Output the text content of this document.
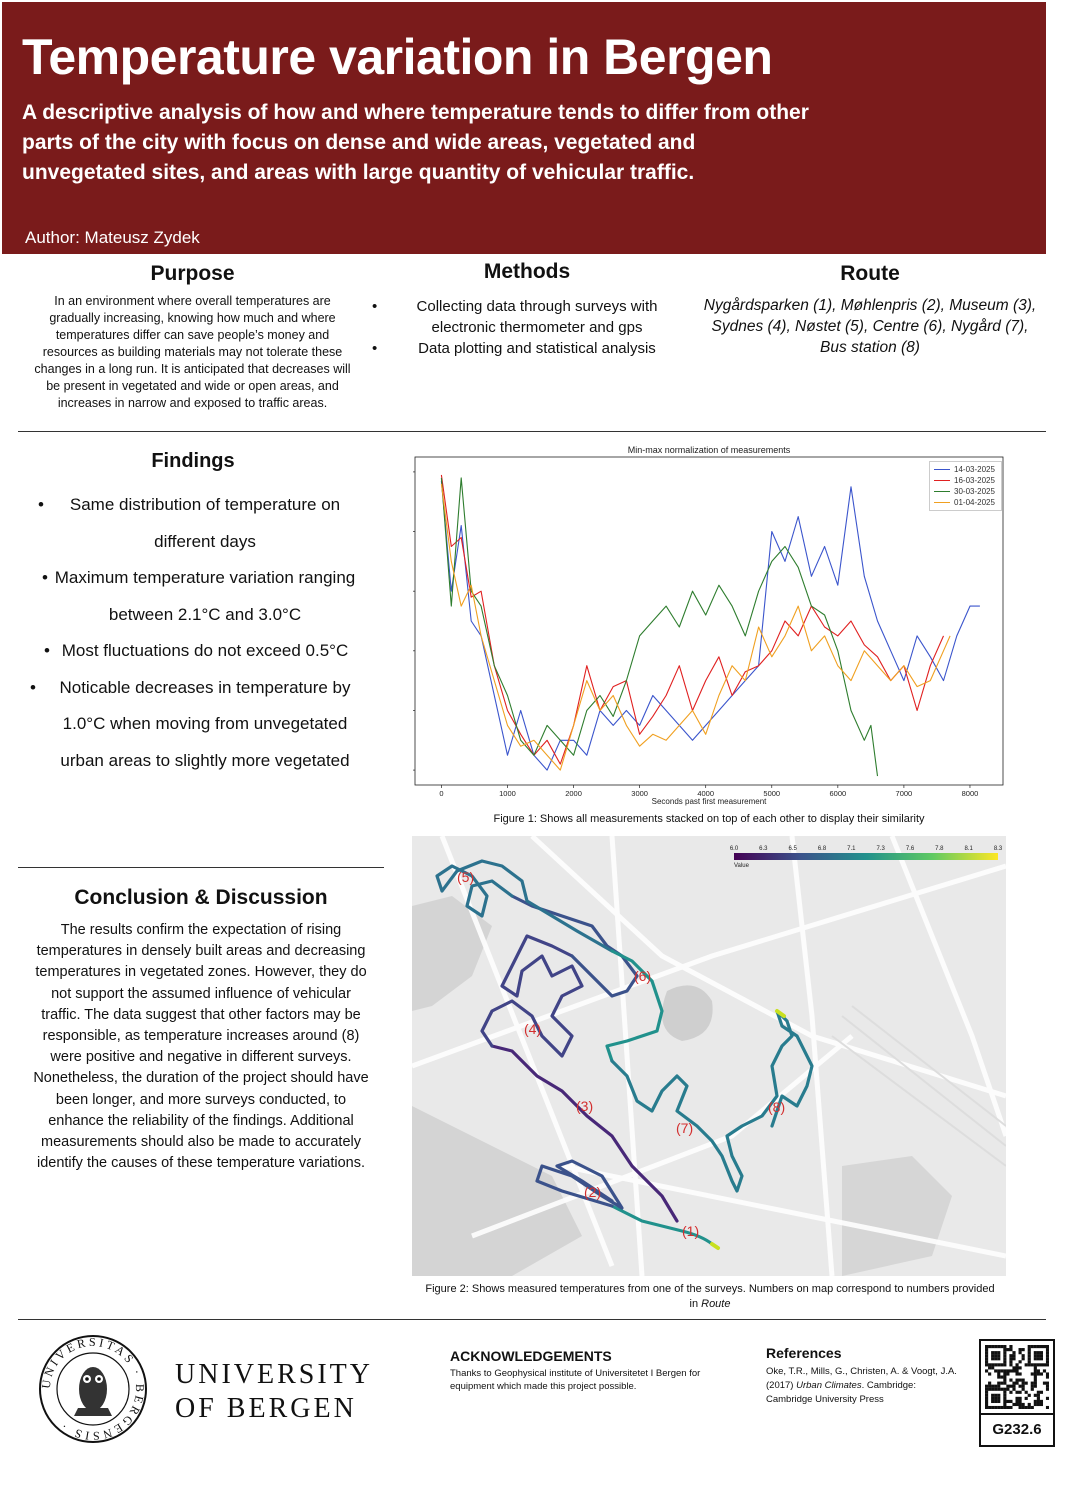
Temperature variation in Bergen

A descriptive analysis of how and where temperature tends to differ from other parts of the city with focus on dense and wide areas, vegetated and unvegetated sites, and areas with large quantity of vehicular traffic.

Author: Mateusz Zydek
Purpose

In an environment where overall temperatures are gradually increasing, knowing how much and where temperatures differ can save people’s money and resources as building materials may not tolerate these changes in a long run. It is anticipated that decreases will be present in vegetated and wide or open areas, and increases in narrow and exposed to traffic areas.

Methods
•	Collecting data through surveys with electronic thermometer and gps
•	Data plotting and statistical analysis
Route

Nygårdsparken (1), Møhlenpris (2), Museum (3), Sydnes (4), Nøstet (5), Centre (6), Nygård (7), Bus station (8)

Findings
• Same distribution of temperature on different days
• Maximum temperature variation ranging between 2.1°C and 3.0°C
• Most fluctuations do not exceed 0.5°C
• Noticable decreases in temperature by 1.0°C when moving from unvegetated urban areas to slightly more vegetated
Conclusion & Discussion

The results confirm the expectation of rising temperatures in densely built areas and decreasing temperatures in vegetated zones. However, they do not support the assumed influence of vehicular traffic. The data suggest that other factors may be responsible, as temperature increases around (8) were positive and negative in different surveys. Nonetheless, the duration of the project should have been longer, and more surveys conducted, to enhance the reliability of the findings. Additional measurements should also be made to accurately identify the causes of these temperature variations.

Min-max normalization of measurements
Seconds past first measurement
0	1000	2000	3000	4000	5000	6000	7000	8000
14-03-2025
16-03-2025
30-03-2025
01-04-2025
Figure 1: Shows all measurements stacked on top of each other to display their similarity
6.0	6.3	6.5	6.8	7.1	7.3	7.6	7.8	8.1	8.3
Value
(1)
(2)
(3)
(4)
(5)
(6)
(7)
(8)
Figure 2: Shows measured temperatures from one of the surveys. Numbers on map correspond to numbers provided in Route
UNIVERSITAS · BERGENSIS ·
UNIVERSITY
OF BERGEN
ACKNOWLEDGEMENTS
Thanks to Geophysical institute of Universitetet I Bergen for equipment which made this project possible.
References
Oke, T.R., Mills, G., Christen, A. & Voogt, J.A. (2017) Urban Climates. Cambridge: Cambridge University Press
G232.6
